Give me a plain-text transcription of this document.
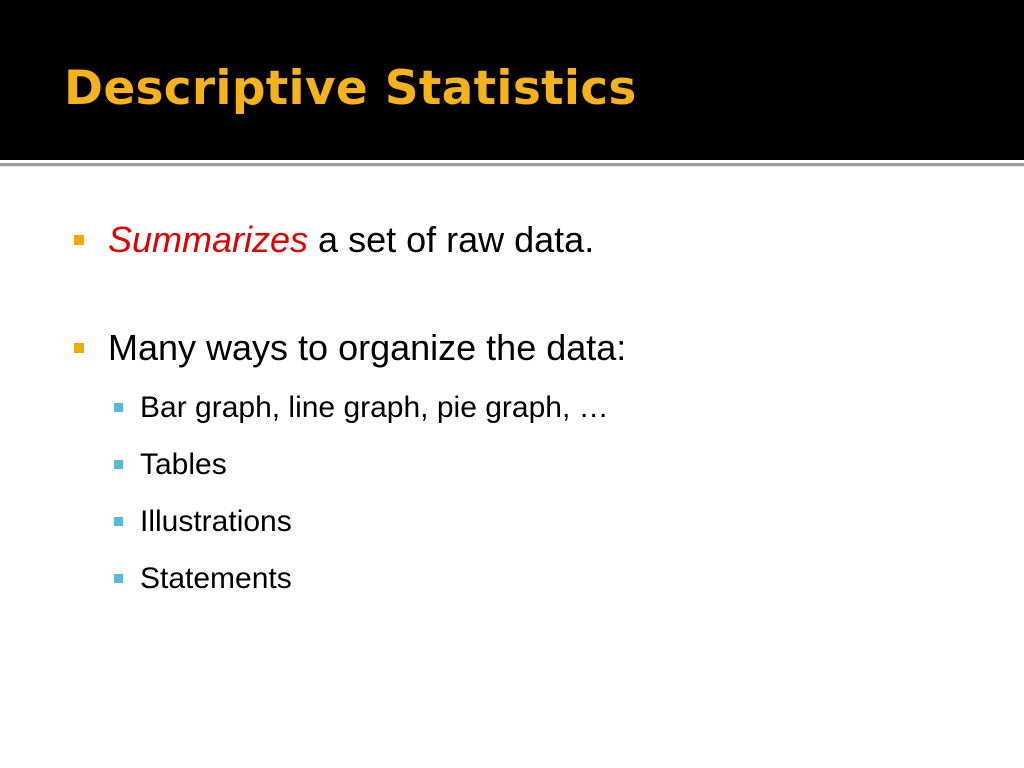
Descriptive Statistics
Summarizes a set of raw data.
Many ways to organize the data:
Bar graph, line graph, pie graph, …
Tables
Illustrations
Statements
